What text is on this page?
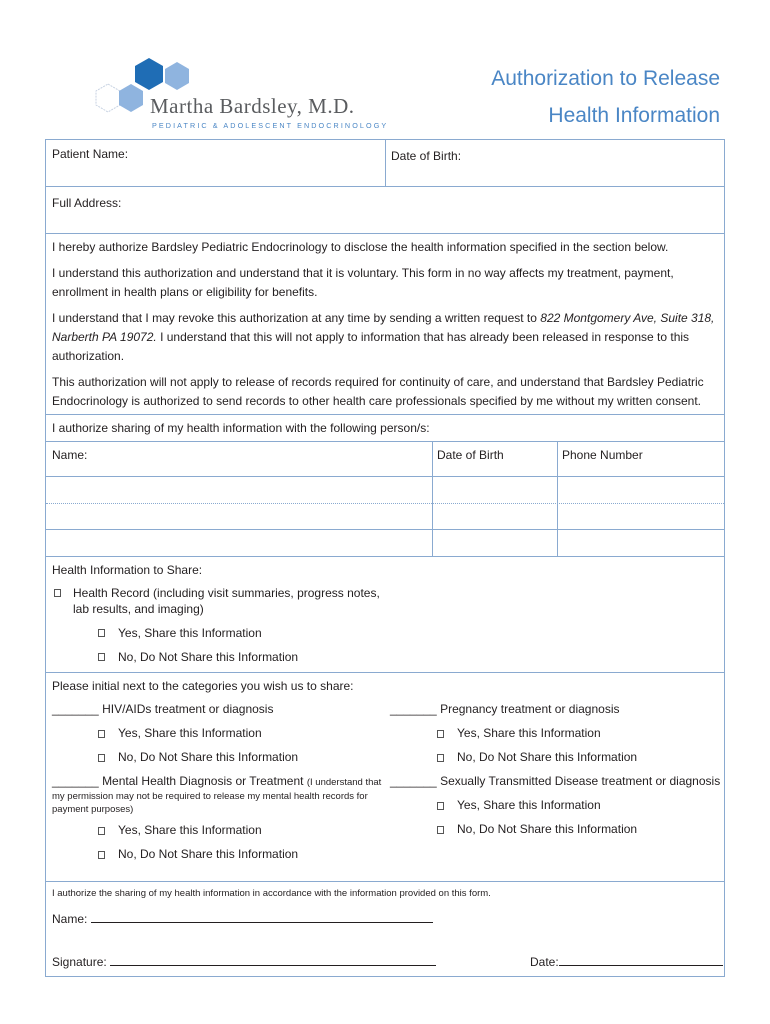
Martha Bardsley, M.D.
PEDIATRIC & ADOLESCENT ENDOCRINOLOGY
Authorization to Release
Health Information
Patient Name:	Date of Birth:
Full Address:

I hereby authorize Bardsley Pediatric Endocrinology to disclose the health information specified in the section below.

I understand this authorization and understand that it is voluntary. This form in no way affects my treatment, payment, enrollment in health plans or eligibility for benefits.

I understand that I may revoke this authorization at any time by sending a written request to 822 Montgomery Ave, Suite 318, Narberth PA 19072. I understand that this will not apply to information that has already been released in response to this authorization.

This authorization will not apply to release of records required for continuity of care, and understand that Bardsley Pediatric Endocrinology is authorized to send records to other health care professionals specified by me without my written consent.

I authorize sharing of my health information with the following person/s:
Name:	Date of Birth	Phone Number
Health Information to Share:
Health Record (including visit summaries, progress notes,
lab results, and imaging)
Yes, Share this Information
No, Do Not Share this Information
Please initial next to the categories you wish us to share:
_______ HIV/AIDs treatment or diagnosis
Yes, Share this Information
No, Do Not Share this Information
_______ Pregnancy treatment or diagnosis
Yes, Share this Information
No, Do Not Share this Information
_______ Mental Health Diagnosis or Treatment (I understand that
my permission may not be required to release my mental health records for
payment purposes)
Yes, Share this Information
No, Do Not Share this Information
_______ Sexually Transmitted Disease treatment or diagnosis
Yes, Share this Information
No, Do Not Share this Information
I authorize the sharing of my health information in accordance with the information provided on this form.
Name:
Signature:	Date:
